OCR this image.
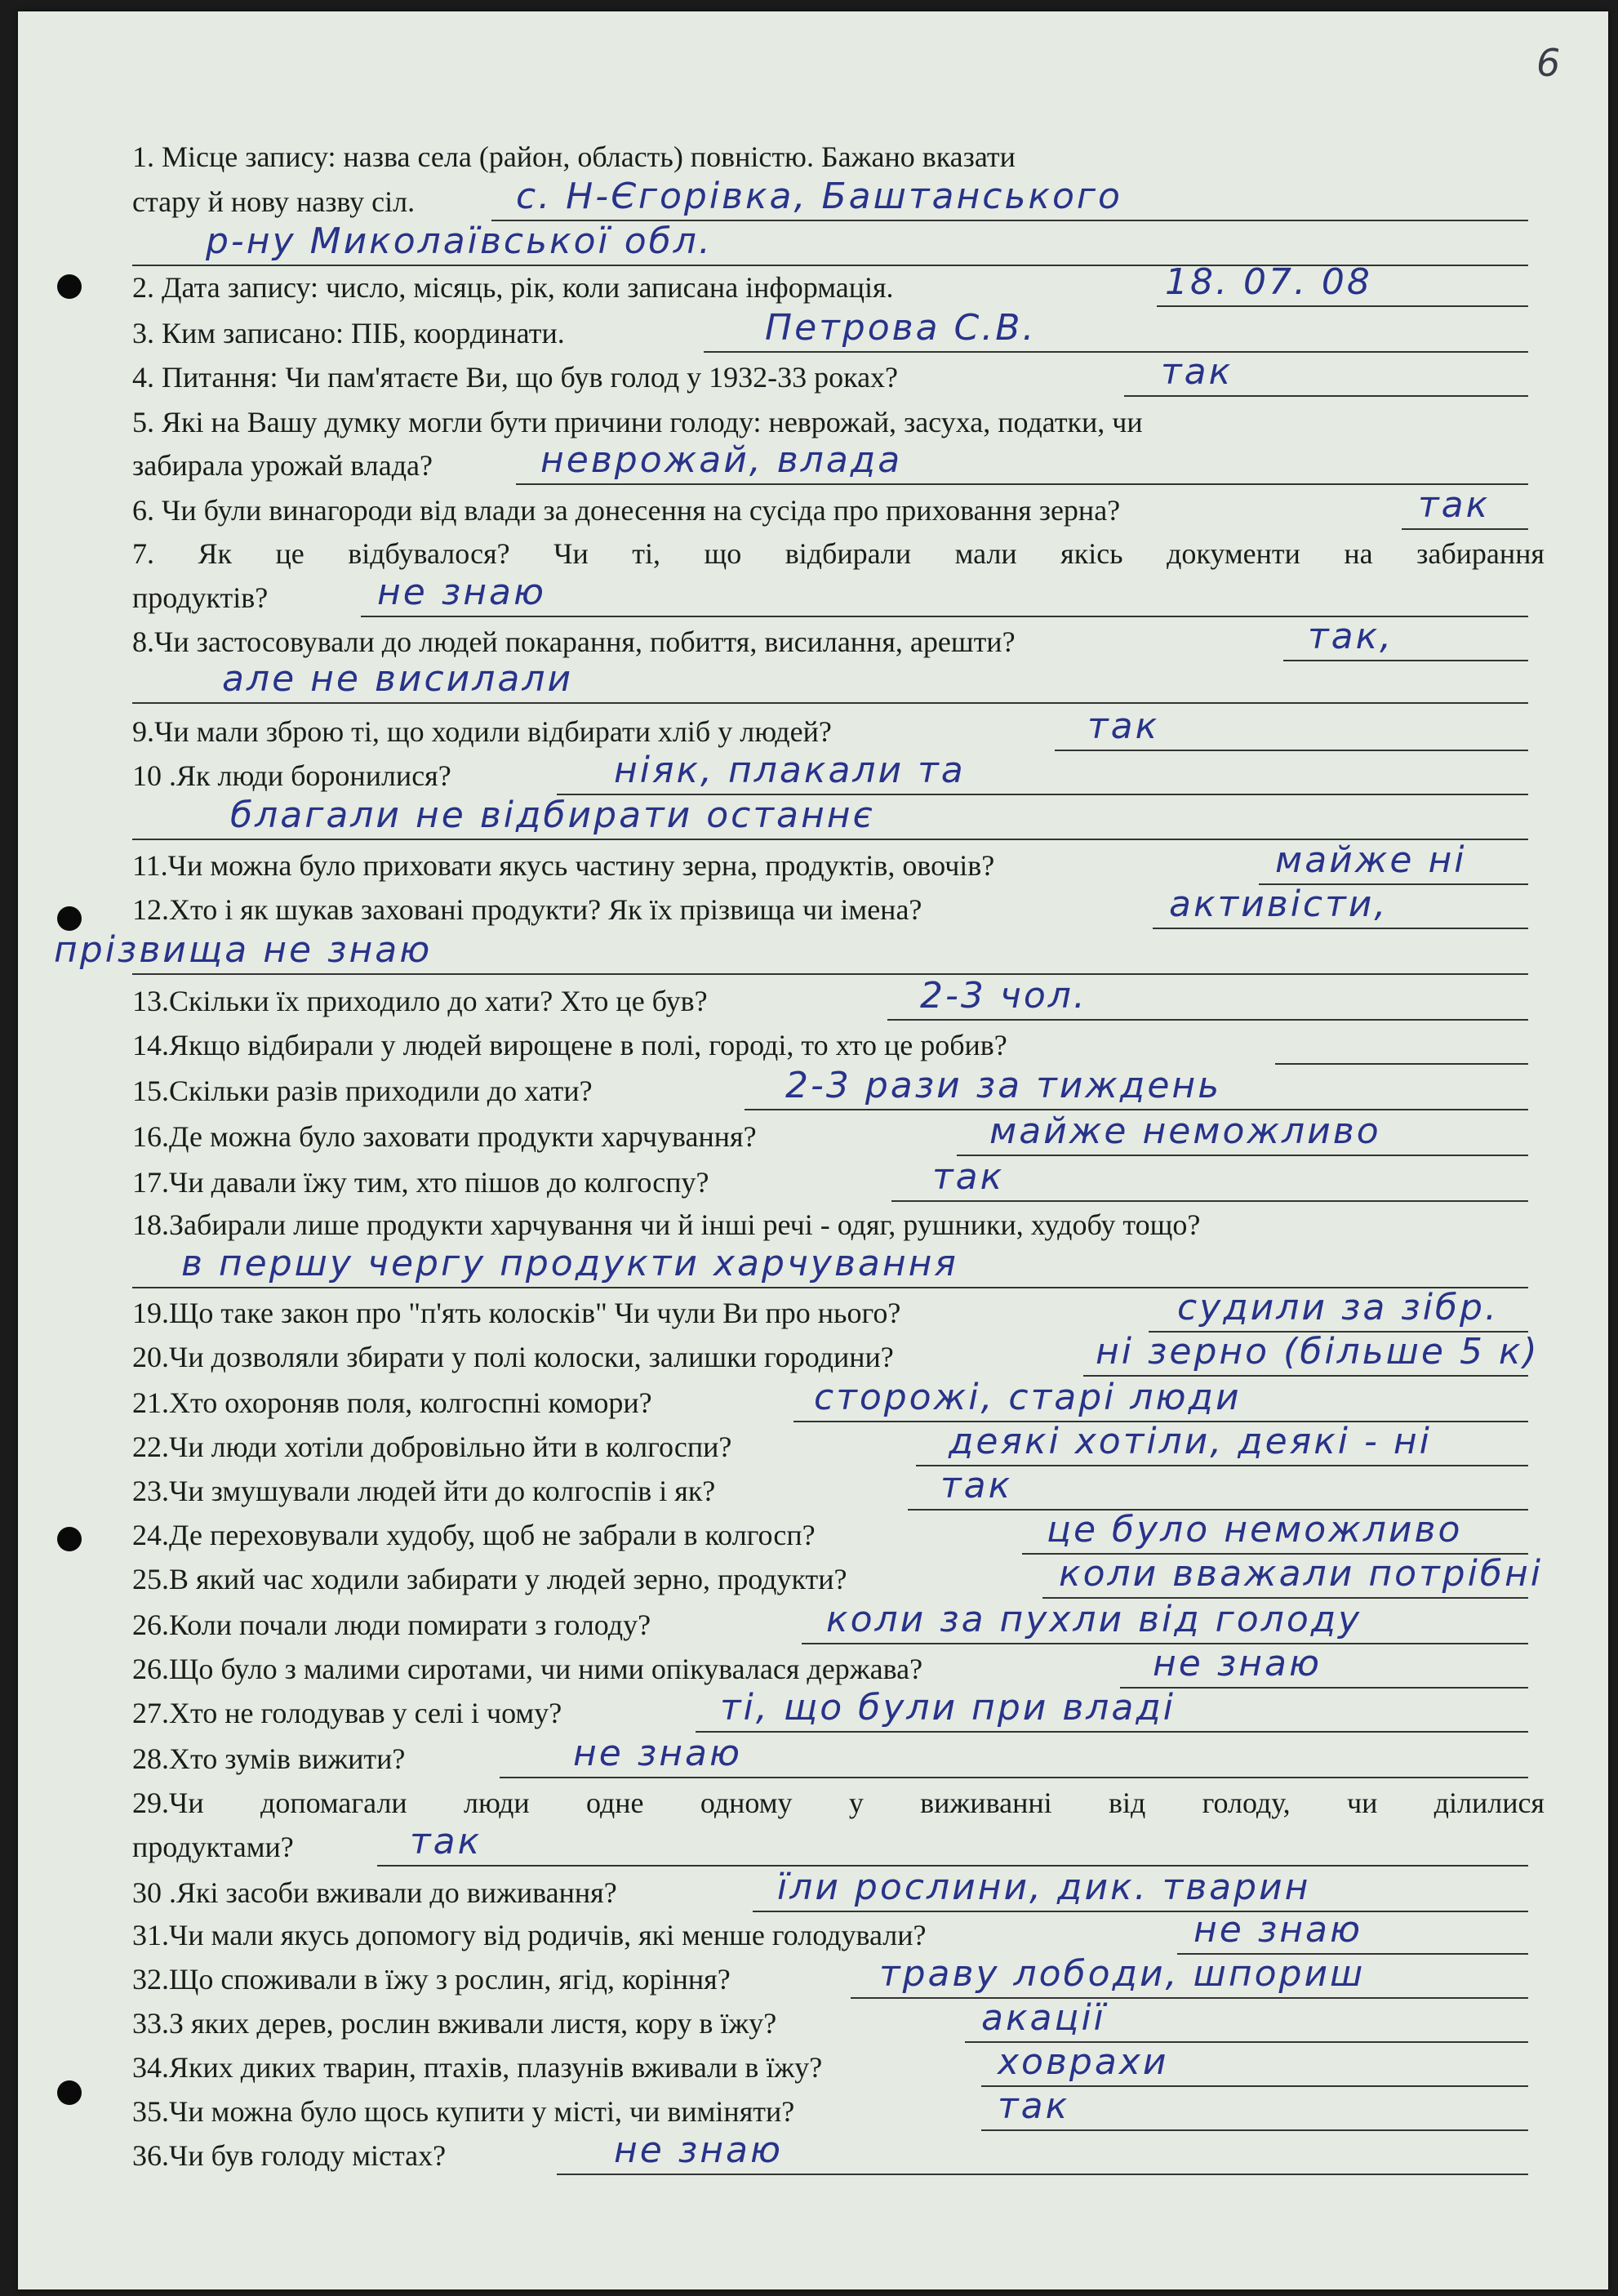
6
1. Місце запису: назва села (район, область) повністю. Бажано вказати
стару й нову назву сіл.	с. Н-Єгорівка, Баштанського
р-ну Миколаївської обл.
2. Дата запису: число, місяць, рік, коли записана інформація.	18. 07. 08
3. Ким записано: ПІБ, координати.	Петрова С.В.
4. Питання: Чи пам'ятаєте Ви, що був голод у 1932-33 роках?	так
5. Які на Вашу думку могли бути причини голоду: неврожай, засуха, податки, чи
забирала урожай влада?	неврожай, влада
6. Чи були винагороди від влади за донесення на сусіда про приховання зерна?	так
7. Як це відбувалося? Чи ті, що відбирали мали якісь документи на забирання
продуктів?	не знаю
8.Чи застосовували до людей покарання, побиття, висилання, арешти?	так,
але не висилали
9.Чи мали зброю ті, що ходили відбирати хліб у людей?	так
10 .Як люди боронилися?	ніяк, плакали та
благали не відбирати останнє
11.Чи можна було приховати якусь частину зерна, продуктів, овочів?	майже ні
12.Хто і як шукав заховані продукти? Як їх прізвища чи імена?	активісти,
прізвища не знаю
13.Скільки їх приходило до хати? Хто це був?	2-3 чол.
14.Якщо відбирали у людей вирощене в полі, городі, то хто це робив?
15.Скільки разів приходили до хати?	2-3 рази за тиждень
16.Де можна було заховати продукти харчування?	майже неможливо
17.Чи давали їжу тим, хто пішов до колгоспу?	так
18.Забирали лише продукти харчування чи й інші речі - одяг, рушники, худобу тощо?
в першу чергу продукти харчування
19.Що таке закон про "п'ять колосків" Чи чули Ви про нього?	судили за зібр.
20.Чи дозволяли збирати у полі колоски, залишки городини?	ні зерно (більше 5 к)
21.Хто охороняв поля, колгоспні комори?	сторожі, старі люди
22.Чи люди хотіли добровільно йти в колгоспи?	деякі хотіли, деякі - ні
23.Чи змушували людей йти до колгоспів і як?	так
24.Де переховували худобу, щоб не забрали в колгосп?	це було неможливо
25.В який час ходили забирати у людей зерно, продукти?	коли вважали потрібні
26.Коли почали люди помирати з голоду?	коли за пухли від голоду
26.Що було з малими сиротами, чи ними опікувалася держава?	не знаю
27.Хто не голодував у селі і чому?	ті, що були при владі
28.Хто зумів вижити?	не знаю
29.Чи допомагали люди одне одному у виживанні від голоду, чи ділилися
продуктами?	так
30 .Які засоби вживали до виживання?	їли рослини, дик. тварин
31.Чи мали якусь допомогу від родичів, які менше голодували?	не знаю
32.Що споживали в їжу з рослин, ягід, коріння?	траву лободи, шпориш
33.З яких дерев, рослин вживали листя, кору в їжу?	акації
34.Яких диких тварин, птахів, плазунів вживали в їжу?	ховрахи
35.Чи можна було щось купити у місті, чи виміняти?	так
36.Чи був голоду містах?	не знаю
